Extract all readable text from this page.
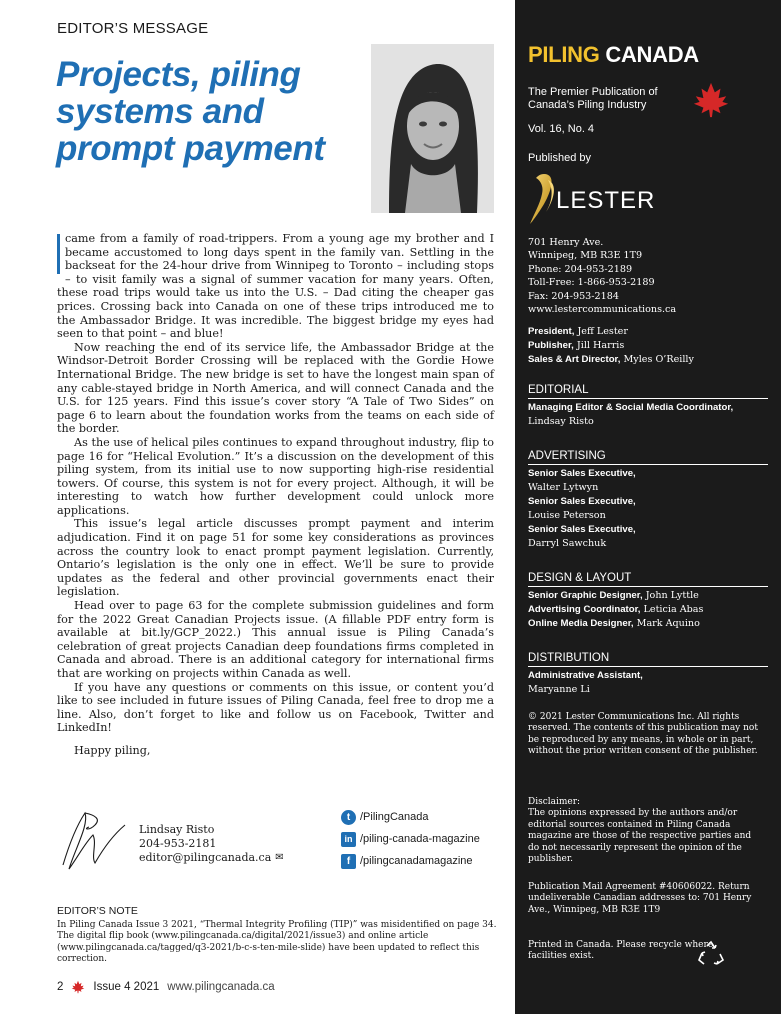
EDITOR’S MESSAGE
Projects, piling systems and prompt payment

came from a family of road-trippers. From a young age my brother and I became accustomed to long days spent in the family van. Settling in the backseat for the 24-hour drive from Winnipeg to Toronto – including stops – to visit family was a signal of summer vacation for many years. Often, these road trips would take us into the U.S. – Dad citing the cheaper gas prices. Crossing back into Canada on one of these trips introduced me to the Ambassador Bridge. It was incredible. The biggest bridge my eyes had seen to that point – and blue!

Now reaching the end of its service life, the Ambassador Bridge at the Windsor-Detroit Border Crossing will be replaced with the Gordie Howe International Bridge. The new bridge is set to have the longest main span of any cable-stayed bridge in North America, and will connect Canada and the U.S. for 125 years. Find this issue’s cover story “A Tale of Two Sides” on page 6 to learn about the foundation works from the teams on each side of the border.

As the use of helical piles continues to expand throughout industry, flip to page 16 for “Helical Evolution.” It’s a discussion on the development of this piling system, from its initial use to now supporting high-rise residential towers. Of course, this system is not for every project. Although, it will be interesting to watch how further development could unlock more applications.

This issue’s legal article discusses prompt payment and interim adjudication. Find it on page 51 for some key considerations as provinces across the country look to enact prompt payment legislation. Currently, Ontario’s legislation is the only one in effect. We’ll be sure to provide updates as the federal and other provincial governments enact their legislation.

Head over to page 63 for the complete submission guidelines and form for the 2022 Great Canadian Projects issue. (A fillable PDF entry form is available at bit.ly/GCP_2022.) This annual issue is Piling Canada’s celebration of great projects Canadian deep foundations firms completed in Canada and abroad. There is an additional category for international firms that are working on projects within Canada as well.

If you have any questions or comments on this issue, or content you’d like to see included in future issues of Piling Canada, feel free to drop me a line. Also, don’t forget to like and follow us on Facebook, Twitter and LinkedIn!

Happy piling,
Lindsay Risto
204-953-2181
editor@pilingcanada.ca ✉
t /PilingCanada
in /piling-canada-magazine
f /pilingcanadamagazine
EDITOR’S NOTE
In Piling Canada Issue 3 2021, “Thermal Integrity Profiling (TIP)” was misidentified on page 34. The digital flip book (www.pilingcanada.ca/digital/2021/issue3) and online article (www.pilingcanada.ca/tagged/q3-2021/b-c-s-ten-mile-slide) have been updated to reflect this correction.
2	Issue 4 2021 www.pilingcanada.ca
PILING CANADA
The Premier Publication of
Canada’s Piling Industry
Vol. 16, No. 4
Published by
LESTER
701 Henry Ave.
Winnipeg, MB R3E 1T9
Phone: 204-953-2189
Toll-Free: 1-866-953-2189
Fax: 204-953-2184
www.lestercommunications.ca
President, Jeff Lester
Publisher, Jill Harris
Sales & Art Director, Myles O’Reilly
EDITORIAL
Managing Editor & Social Media Coordinator, Lindsay Risto
ADVERTISING
Senior Sales Executive,
Walter Lytwyn
Senior Sales Executive,
Louise Peterson
Senior Sales Executive,
Darryl Sawchuk
DESIGN & LAYOUT
Senior Graphic Designer, John Lyttle
Advertising Coordinator, Leticia Abas
Online Media Designer, Mark Aquino
DISTRIBUTION
Administrative Assistant,
Maryanne Li
© 2021 Lester Communications Inc. All rights reserved. The contents of this publication may not be reproduced by any means, in whole or in part, without the prior written consent of the publisher.
Disclaimer:
The opinions expressed by the authors and/or editorial sources contained in Piling Canada magazine are those of the respective parties and do not necessarily represent the opinion of the publisher.
Publication Mail Agreement #40606022. Return undeliverable Canadian addresses to: 701 Henry Ave., Winnipeg, MB R3E 1T9
Printed in Canada. Please recycle where facilities exist.
